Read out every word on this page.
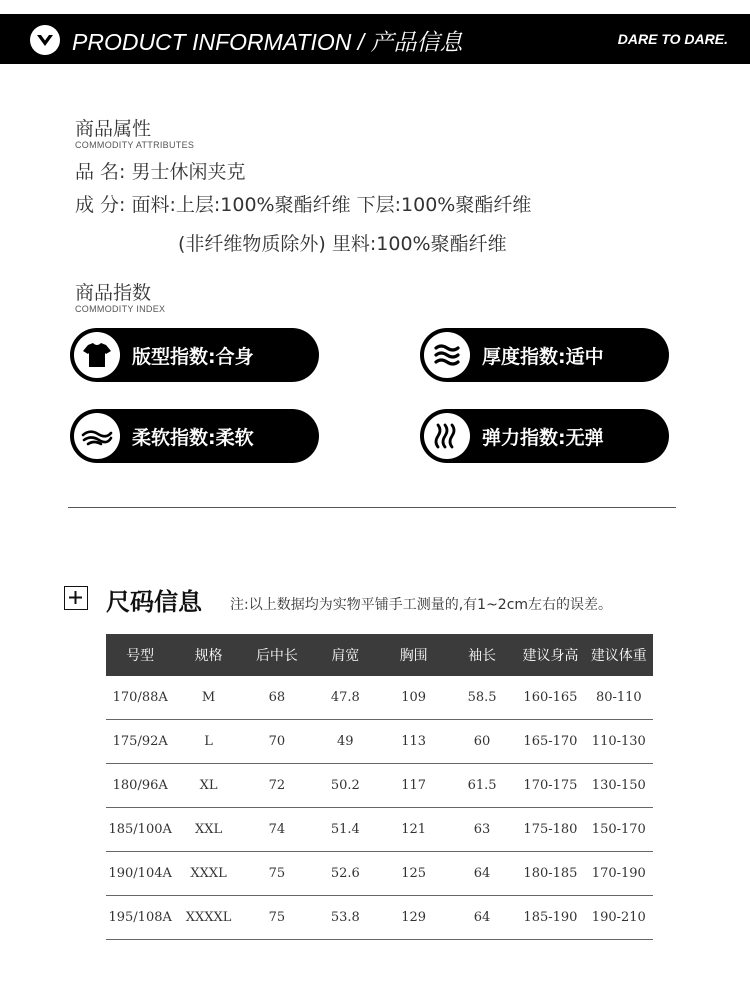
PRODUCT INFORMATION / 产品信息	DARE TO DARE.
商品属性
COMMODITY ATTRIBUTES
品 名: 男士休闲夹克
成 分: 面料:上层:100%聚酯纤维 下层:100%聚酯纤维
(非纤维物质除外) 里料:100%聚酯纤维
商品指数
COMMODITY INDEX
版型指数:合身	厚度指数:适中
柔软指数:柔软	弹力指数:无弹
尺码信息 注:以上数据均为实物平铺手工测量的,有1~2cm左右的误差。
号型	规格	后中长	肩宽	胸围	袖长	建议身高	建议体重
170/88A	M	68	47.8	109	58.5	160-165	80-110
175/92A	L	70	49	113	60	165-170	110-130
180/96A	XL	72	50.2	117	61.5	170-175	130-150
185/100A	XXL	74	51.4	121	63	175-180	150-170
190/104A	XXXL	75	52.6	125	64	180-185	170-190
195/108A	XXXXL	75	53.8	129	64	185-190	190-210
